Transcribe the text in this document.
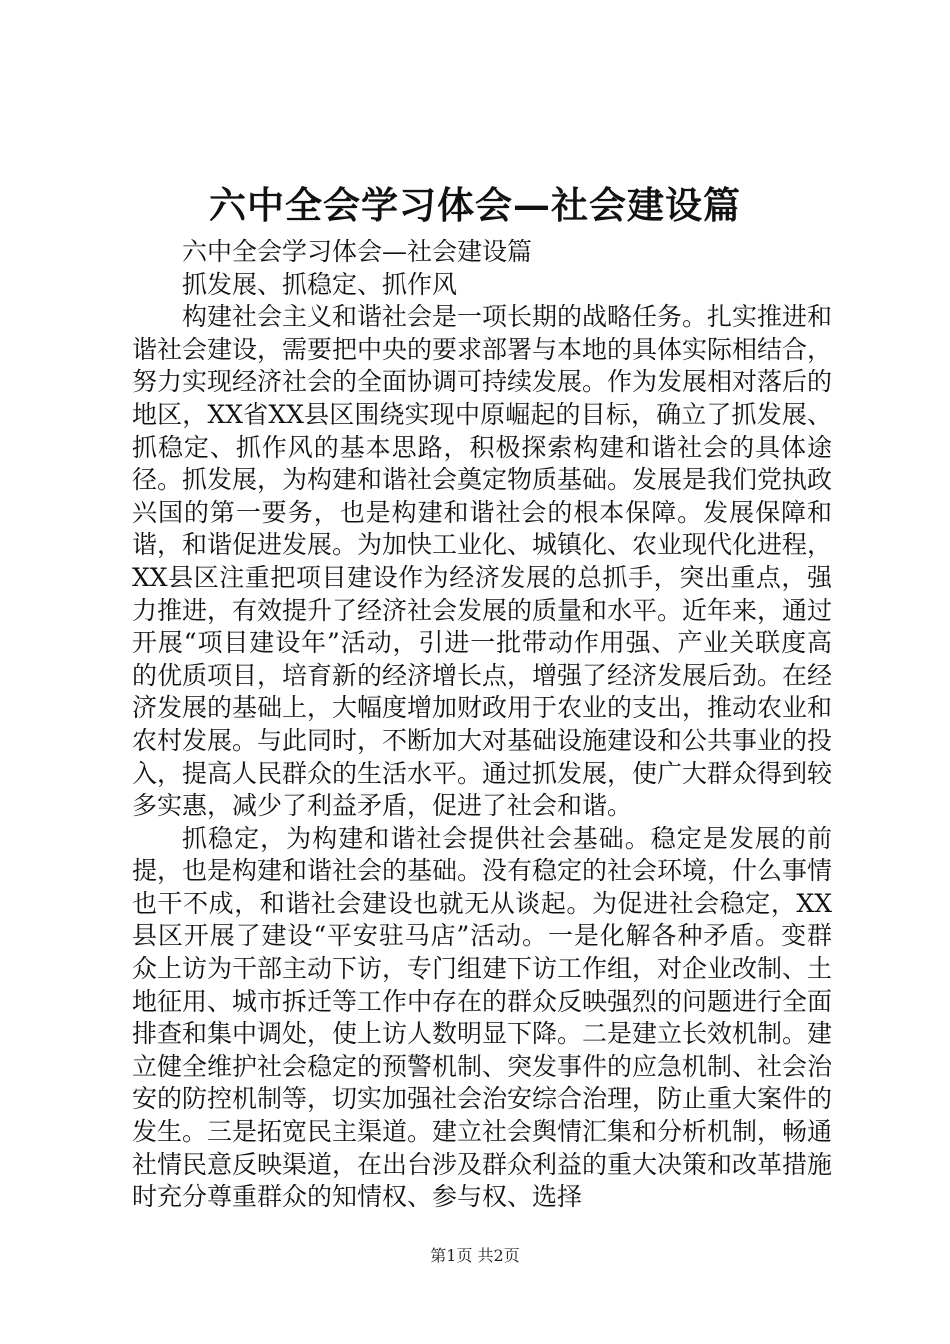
六中全会学习体会—社会建设篇

六中全会学习体会—社会建设篇

抓发展、抓稳定、抓作风

构建社会主义和谐社会是一项长期的战略任务。扎实推进和谐社会建设，需要把中央的要求部署与本地的具体实际相结合，努力实现经济社会的全面协调可持续发展。作为发展相对落后的地区，XX省XX县区围绕实现中原崛起的目标，确立了抓发展、抓稳定、抓作风的基本思路，积极探索构建和谐社会的具体途径。抓发展，为构建和谐社会奠定物质基础。发展是我们党执政兴国的第一要务，也是构建和谐社会的根本保障。发展保障和谐，和谐促进发展。为加快工业化、城镇化、农业现代化进程，XX县区注重把项目建设作为经济发展的总抓手，突出重点，强力推进，有效提升了经济社会发展的质量和水平。近年来，通过开展“项目建设年”活动，引进一批带动作用强、产业关联度高的优质项目，培育新的经济增长点，增强了经济发展后劲。在经济发展的基础上，大幅度增加财政用于农业的支出，推动农业和农村发展。与此同时，不断加大对基础设施建设和公共事业的投入，提高人民群众的生活水平。通过抓发展，使广大群众得到较多实惠，减少了利益矛盾，促进了社会和谐。

抓稳定，为构建和谐社会提供社会基础。稳定是发展的前提，也是构建和谐社会的基础。没有稳定的社会环境，什么事情也干不成，和谐社会建设也就无从谈起。为促进社会稳定，XX县区开展了建设“平安驻马店”活动。一是化解各种矛盾。变群众上访为干部主动下访，专门组建下访工作组，对企业改制、土地征用、城市拆迁等工作中存在的群众反映强烈的问题进行全面排查和集中调处，使上访人数明显下降。二是建立长效机制。建立健全维护社会稳定的预警机制、突发事件的应急机制、社会治安的防控机制等，切实加强社会治安综合治理，防止重大案件的发生。三是拓宽民主渠道。建立社会舆情汇集和分析机制，畅通社情民意反映渠道，在出台涉及群众利益的重大决策和改革措施时充分尊重群众的知情权、参与权、选择

第1页 共2页
